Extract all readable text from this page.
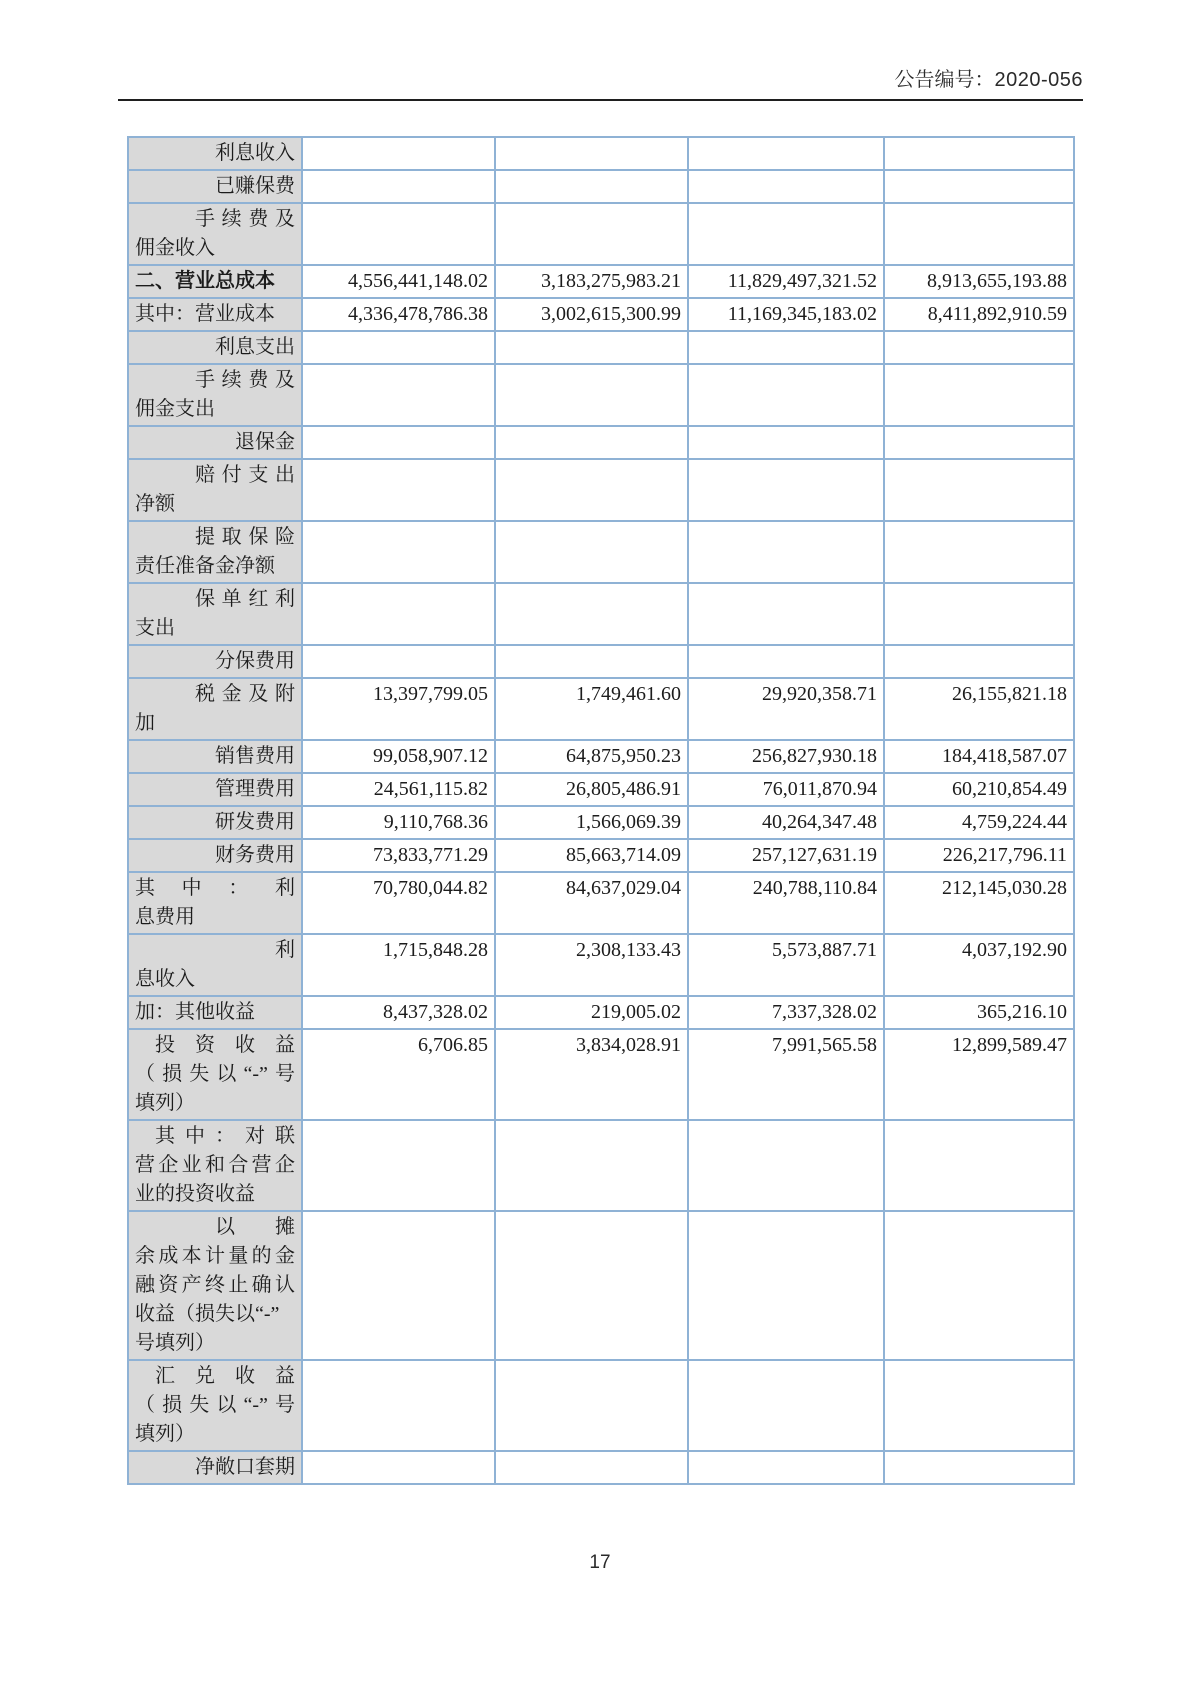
公告编号：2020-056
利息收入				

已赚保费				

手续费及
佣金收入				

二、营业总成本	4,556,441,148.02	3,183,275,983.21	11,829,497,321.52	8,913,655,193.88

其中：营业成本	4,336,478,786.38	3,002,615,300.99	11,169,345,183.02	8,411,892,910.59

利息支出				

手续费及
佣金支出				

退保金				

赔付支出
净额				

提取保险
责任准备金净额				

保单红利
支出				

分保费用				

税金及附
加	13,397,799.05	1,749,461.60	29,920,358.71	26,155,821.18

销售费用	99,058,907.12	64,875,950.23	256,827,930.18	184,418,587.07

管理费用	24,561,115.82	26,805,486.91	76,011,870.94	60,210,854.49

研发费用	9,110,768.36	1,566,069.39	40,264,347.48	4,759,224.44

财务费用	73,833,771.29	85,663,714.09	257,127,631.19	226,217,796.11

其中：利
息费用	70,780,044.82	84,637,029.04	240,788,110.84	212,145,030.28

利
息收入	1,715,848.28	2,308,133.43	5,573,887.71	4,037,192.90

加：其他收益	8,437,328.02	219,005.02	7,337,328.02	365,216.10

投资收益
（损失以“-”号
填列）	6,706.85	3,834,028.91	7,991,565.58	12,899,589.47

其中：对联
营企业和合营企
业的投资收益				

以摊
余成本计量的金
融资产终止确认
收益（损失以“-”
号填列）				

汇兑收益
（损失以“-”号
填列）				

净敞口套期				

17
